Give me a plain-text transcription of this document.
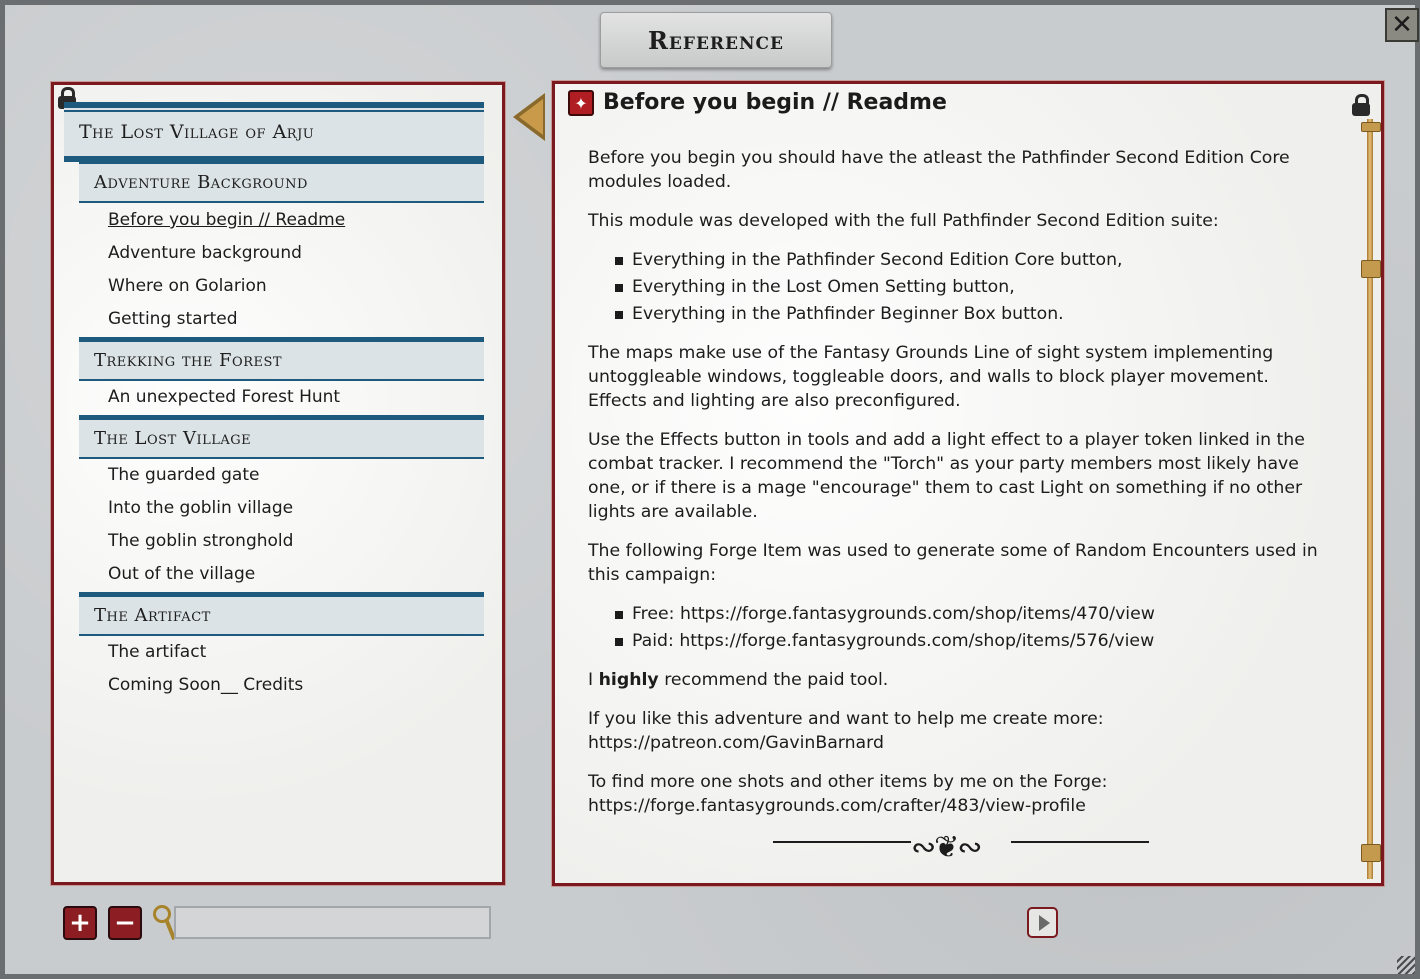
Reference	✕
The Lost Village of Arju
Adventure Background
Before you begin // Readme
Adventure background
Where on Golarion
Getting started
Trekking the Forest
An unexpected Forest Hunt
The Lost Village
The guarded gate
Into the goblin village
The goblin stronghold
Out of the village
The Artifact
The artifact
Coming Soon__ Credits
✦ Before you begin // Readme

Before you begin you should have the atleast the Pathfinder Second Edition Core modules loaded.

This module was developed with the full Pathfinder Second Edition suite:

Everything in the Pathfinder Second Edition Core button,
Everything in the Lost Omen Setting button,
Everything in the Pathfinder Beginner Box button.

The maps make use of the Fantasy Grounds Line of sight system implementing untoggleable windows, toggleable doors, and walls to block player movement. Effects and lighting are also preconfigured.

Use the Effects button in tools and add a light effect to a player token linked in the combat tracker. I recommend the "Torch" as your party members most likely have one, or if there is a mage "encourage" them to cast Light on something if no other lights are available.

The following Forge Item was used to generate some of Random Encounters used in this campaign:

Free: https://forge.fantasygrounds.com/shop/items/470/view
Paid: https://forge.fantasygrounds.com/shop/items/576/view

I highly recommend the paid tool.

If you like this adventure and want to help me create more: https://patreon.com/GavinBarnard

To find more one shots and other items by me on the Forge: https://forge.fantasygrounds.com/crafter/483/view-profile

∾❦∾
+ −
